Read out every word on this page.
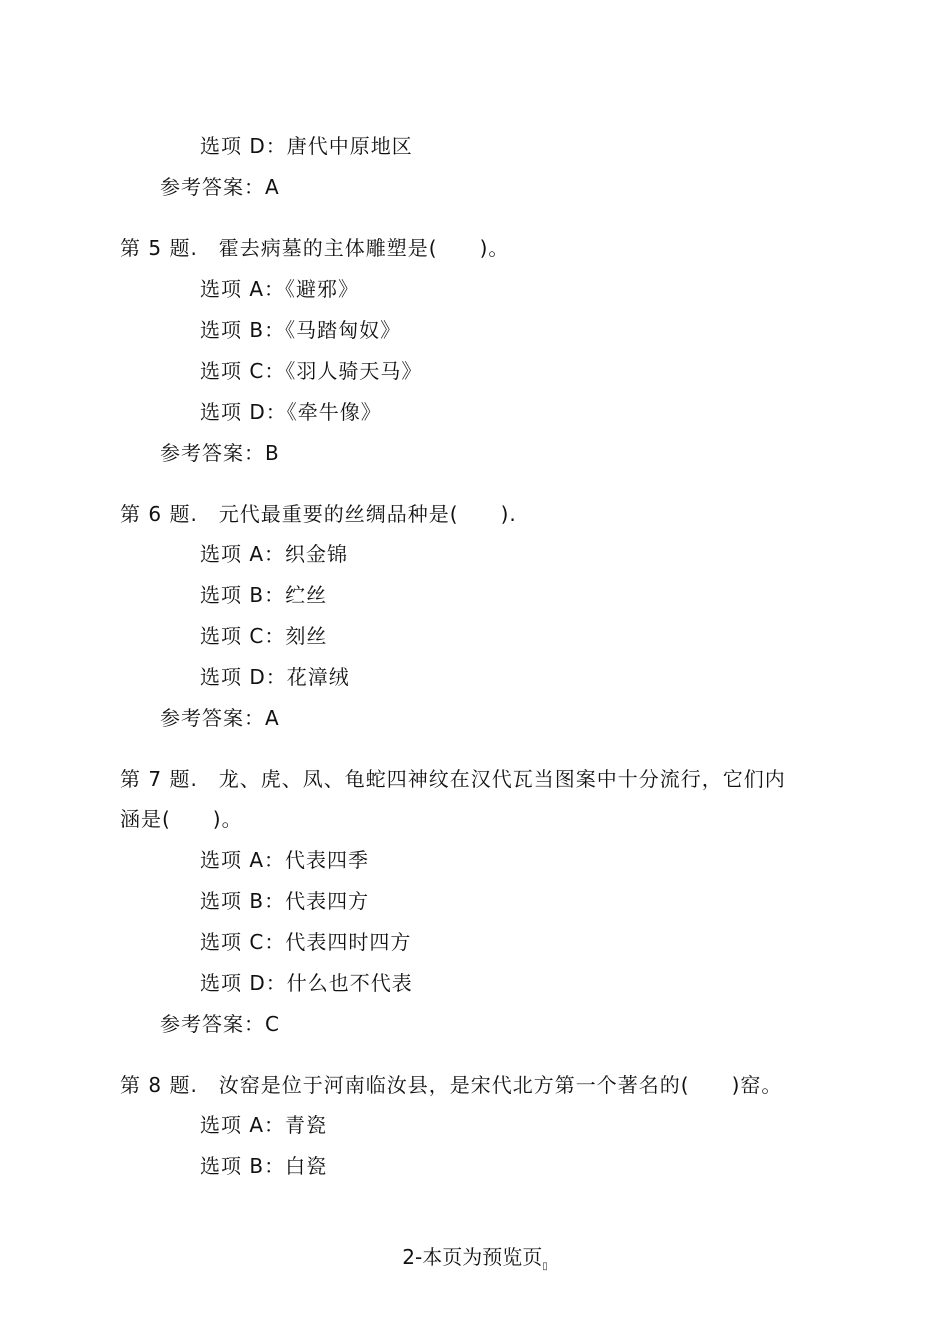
选项 D：唐代中原地区
参考答案：A
第 5 题.　霍去病墓的主体雕塑是(　　)。
选项 A：《避邪》
选项 B：《马踏匈奴》
选项 C：《羽人骑天马》
选项 D：《牵牛像》
参考答案：B
第 6 题.　元代最重要的丝绸品种是(　　).
选项 A：织金锦
选项 B：纻丝
选项 C：刻丝
选项 D：花漳绒
参考答案：A
第 7 题.　龙、虎、凤、龟蛇四神纹在汉代瓦当图案中十分流行，它们内
涵是(　　)。
选项 A：代表四季
选项 B：代表四方
选项 C：代表四时四方
选项 D：什么也不代表
参考答案：C
第 8 题.　汝窑是位于河南临汝县，是宋代北方第一个著名的(　　)窑。
选项 A：青瓷
选项 B：白瓷
2-本页为预览页$_▯$
